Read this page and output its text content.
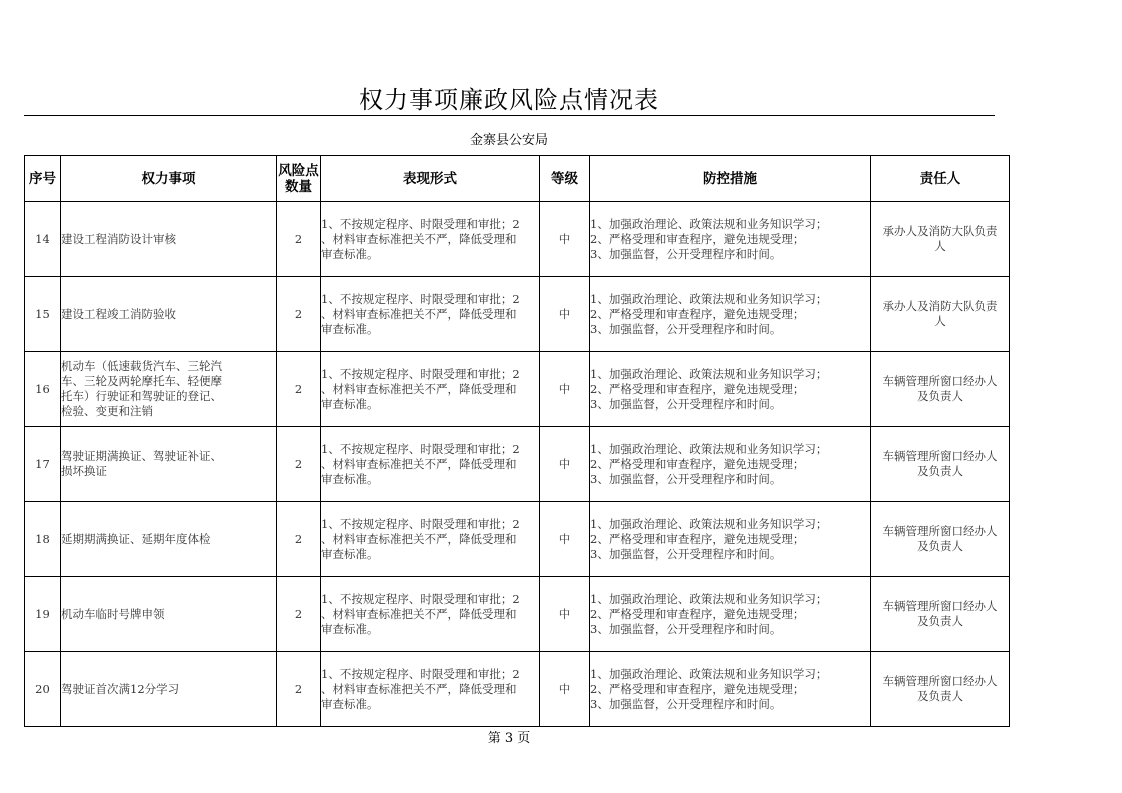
权力事项廉政风险点情况表
金寨县公安局
序号	权力事项	风险点
数量	表现形式	等级	防控措施	责任人
14	建设工程消防设计审核	2	1、不按规定程序、时限受理和审批；2
、材料审查标准把关不严，降低受理和
审查标准。	中	1、加强政治理论、政策法规和业务知识学习；
2、严格受理和审查程序，避免违规受理；
3、加强监督，公开受理程序和时间。	承办人及消防大队负责
人

15	建设工程竣工消防验收	2	1、不按规定程序、时限受理和审批；2
、材料审查标准把关不严，降低受理和
审查标准。	中	1、加强政治理论、政策法规和业务知识学习；
2、严格受理和审查程序，避免违规受理；
3、加强监督，公开受理程序和时间。	承办人及消防大队负责
人

16	机动车（低速载货汽车、三轮汽
车、三轮及两轮摩托车、轻便摩
托车）行驶证和驾驶证的登记、
检验、变更和注销	2	1、不按规定程序、时限受理和审批；2
、材料审查标准把关不严，降低受理和
审查标准。	中	1、加强政治理论、政策法规和业务知识学习；
2、严格受理和审查程序，避免违规受理；
3、加强监督，公开受理程序和时间。	车辆管理所窗口经办人
及负责人

17	驾驶证期满换证、驾驶证补证、
损坏换证	2	1、不按规定程序、时限受理和审批；2
、材料审查标准把关不严，降低受理和
审查标准。	中	1、加强政治理论、政策法规和业务知识学习；
2、严格受理和审查程序，避免违规受理；
3、加强监督，公开受理程序和时间。	车辆管理所窗口经办人
及负责人

18	延期期满换证、延期年度体检	2	1、不按规定程序、时限受理和审批；2
、材料审查标准把关不严，降低受理和
审查标准。	中	1、加强政治理论、政策法规和业务知识学习；
2、严格受理和审查程序，避免违规受理；
3、加强监督，公开受理程序和时间。	车辆管理所窗口经办人
及负责人

19	机动车临时号牌申领	2	1、不按规定程序、时限受理和审批；2
、材料审查标准把关不严，降低受理和
审查标准。	中	1、加强政治理论、政策法规和业务知识学习；
2、严格受理和审查程序，避免违规受理；
3、加强监督，公开受理程序和时间。	车辆管理所窗口经办人
及负责人

20	驾驶证首次满12分学习	2	1、不按规定程序、时限受理和审批；2
、材料审查标准把关不严，降低受理和
审查标准。	中	1、加强政治理论、政策法规和业务知识学习；
2、严格受理和审查程序，避免违规受理；
3、加强监督，公开受理程序和时间。	车辆管理所窗口经办人
及负责人
第 3 页
